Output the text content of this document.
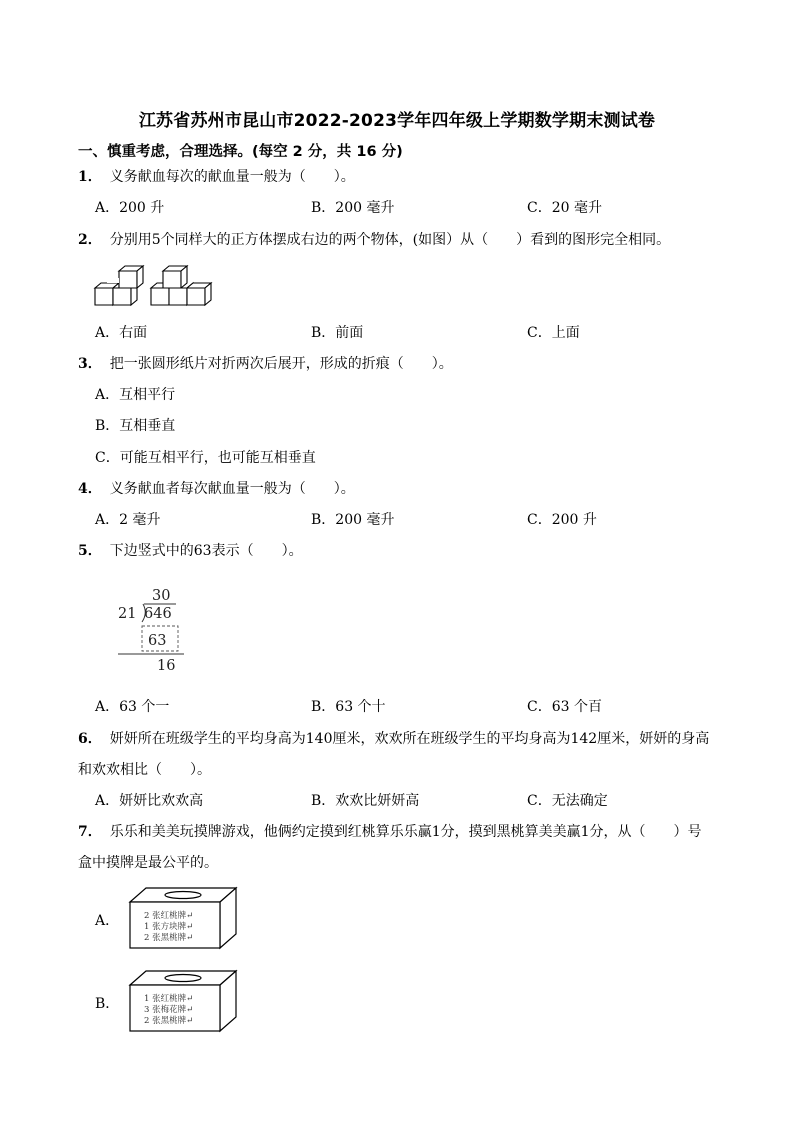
江苏省苏州市昆山市2022-2023学年四年级上学期数学期末测试卷
一、慎重考虑，合理选择。(每空 2 分，共 16 分)
1． 义务献血每次的献血量一般为（　　）。
A．200 升	B．200 毫升	C．20 毫升
2． 分别用5个同样大的正方体摆成右边的两个物体，(如图）从（　　）看到的图形完全相同。
A．右面	B．前面	C．上面
3． 把一张圆形纸片对折两次后展开，形成的折痕（　　）。
A．互相平行
B．互相垂直
C．可能互相平行，也可能互相垂直
4． 义务献血者每次献血量一般为（　　）。
A．2 毫升	B．200 毫升	C．200 升
5． 下边竖式中的63表示（　　）。
30
21 646
63
16
A．63 个一	B．63 个十	C．63 个百
6． 妍妍所在班级学生的平均身高为140厘米，欢欢所在班级学生的平均身高为142厘米，妍妍的身高
和欢欢相比（　　）。
A．妍妍比欢欢高	B．欢欢比妍妍高	C．无法确定
7． 乐乐和美美玩摸牌游戏，他俩约定摸到红桃算乐乐赢1分，摸到黑桃算美美赢1分，从（　　）号
盒中摸牌是最公平的。
A．	2 张红桃牌↵
1 张方块牌↵
2 张黑桃牌↵
B．	1 张红桃牌↵
3 张梅花牌↵
2 张黑桃牌↵
